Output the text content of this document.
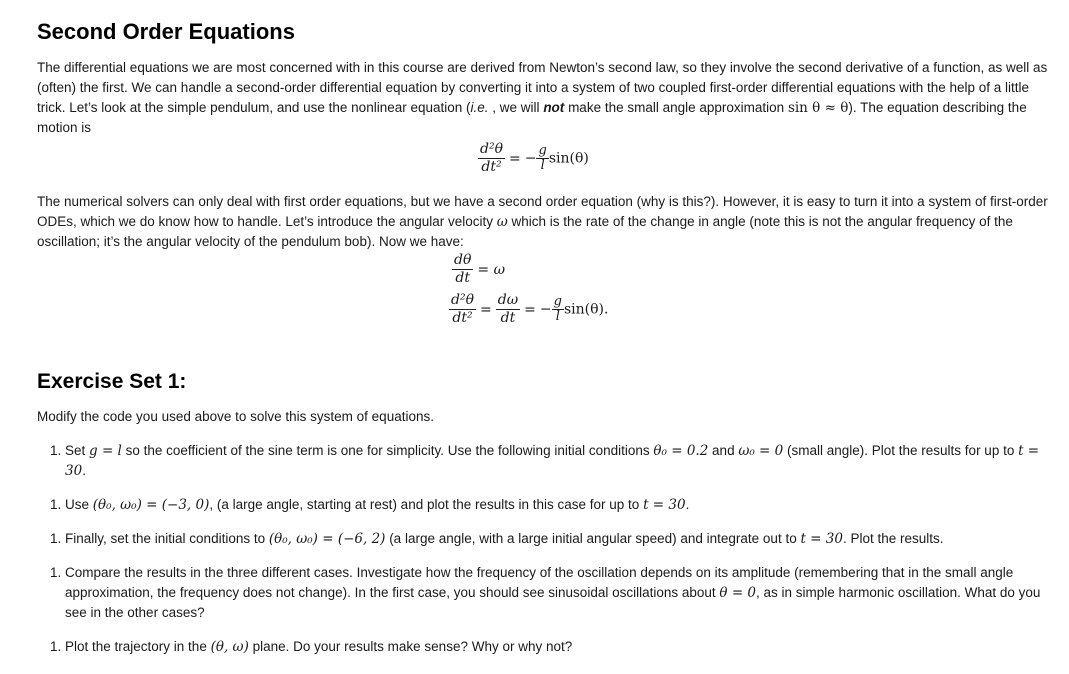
Second Order Equations

The differential equations we are most concerned with in this course are derived from Newton’s second law, so they involve the second derivative of a function, as well as (often) the first. We can handle a second-order differential equation by converting it into a system of two coupled first-order differential equations with the help of a little trick. Let’s look at the simple pendulum, and use the nonlinear equation (i.e. , we will not make the small angle approximation sin θ ≈ θ). The equation describing the motion is

$\frac{\text{d²θ}}{\text{dt²}}$ = − $\frac{g}{l} \sin(\theta)$

The numerical solvers can only deal with first order equations, but we have a second order equation (why is this?). However, it is easy to turn it into a system of first-order ODEs, which we do know how to handle. Let’s introduce the angular velocity ω which is the rate of the change in angle (note this is not the angular frequency of the oscillation; it’s the angular velocity of the pendulum bob). Now we have:

$\frac{d\theta}{dt} = \omega$
$\frac{\text{d²θ}}{\text{dt²}} = \frac{d\omega}{dt}$ = − $\frac{g}{l} \sin(\theta)$.
Exercise Set 1:

Modify the code you used above to solve this system of equations.

1. Set g = l so the coefficient of the sine term is one for simplicity. Use the following initial conditions θ₀ = 0.2 and ω₀ = 0 (small angle). Plot the results for up to t = 30.
1. Use (θ₀, ω₀) = (−3, 0), (a large angle, starting at rest) and plot the results in this case for up to t = 30.
1. Finally, set the initial conditions to (θ₀, ω₀) = (−6, 2) (a large angle, with a large initial angular speed) and integrate out to t = 30. Plot the results.
1. Compare the results in the three different cases. Investigate how the frequency of the oscillation depends on its amplitude (remembering that in the small angle approximation, the frequency does not change). In the first case, you should see sinusoidal oscillations about θ = 0, as in simple harmonic oscillation. What do you see in the other cases?
1. Plot the trajectory in the (θ, ω) plane. Do your results make sense? Why or why not?
